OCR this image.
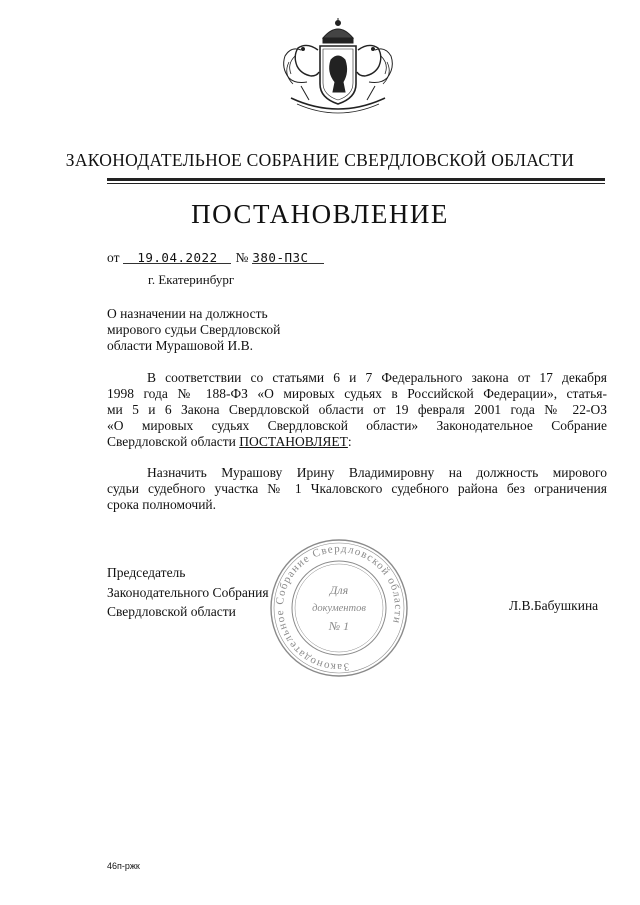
ЗАКОНОДАТЕЛЬНОЕ СОБРАНИЕ СВЕРДЛОВСКОЙ ОБЛАСТИ
ПОСТАНОВЛЕНИЕ
от 19.04.2022 № 380-ПЗС
г. Екатеринбург
О назначении на должность
мирового судьи Свердловской
области Мурашовой И.В.
В соответствии со статьями 6 и 7 Федерального закона от 17 декабря
1998 года № 188-ФЗ «О мировых судьях в Российской Федерации», статья-
ми 5 и 6 Закона Свердловской области от 19 февраля 2001 года № 22-ОЗ
«О мировых судьях Свердловской области» Законодательное Собрание
Свердловской области ПОСТАНОВЛЯЕТ:
Назначить Мурашову Ирину Владимировну на должность мирового
судьи судебного участка № 1 Чкаловского судебного района без ограничения
срока полномочий.
Председатель
Законодательного Собрания
Свердловской области	Л.В.Бабушкина
Законодательное Собрание Свердловской области
Для
документов
№ 1
46п-ржк
